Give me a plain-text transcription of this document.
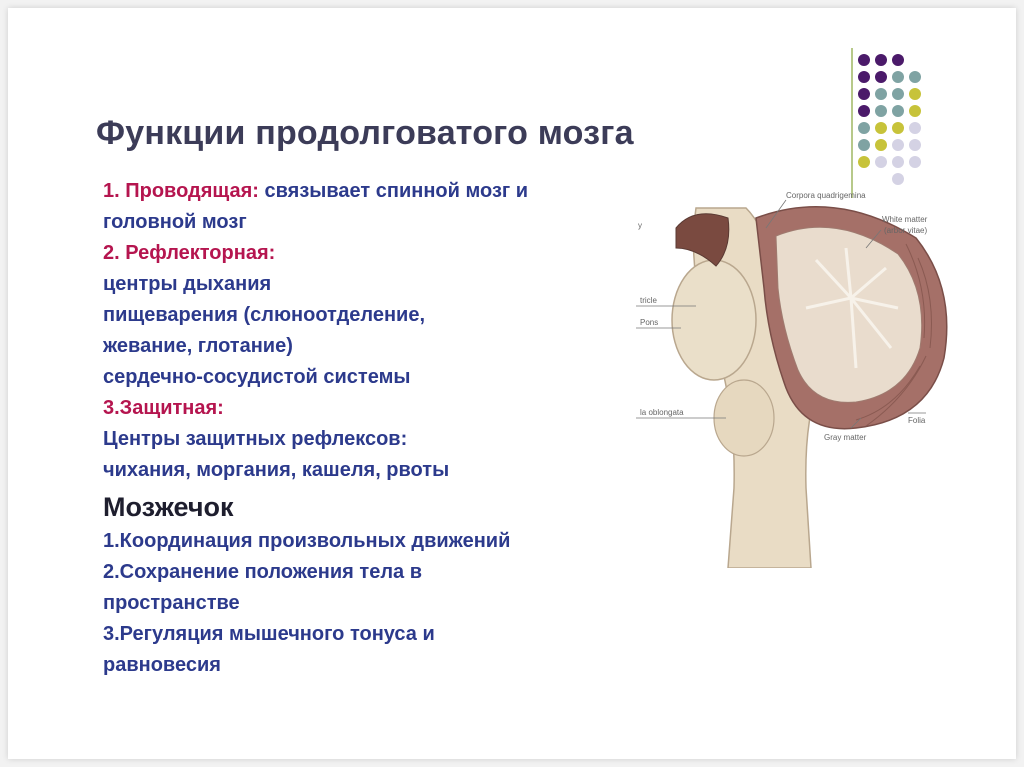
Функции продолговатого мозга
1. Проводящая: связывает спинной мозг и
головной мозг
2. Рефлекторная:
центры дыхания
пищеварения (слюноотделение,
жевание, глотание)
сердечно-сосудистой системы
3.Защитная:
Центры защитных рефлексов:
чихания, моргания, кашеля, рвоты
Мозжечок
1.Координация произвольных движений
2.Сохранение положения тела в
пространстве
3.Регуляция мышечного тонуса и
равновесия
Corpora quadrigemina
White matter
(arbor vitae)
y
tricle
Pons
la oblongata
Gray matter
Folia
